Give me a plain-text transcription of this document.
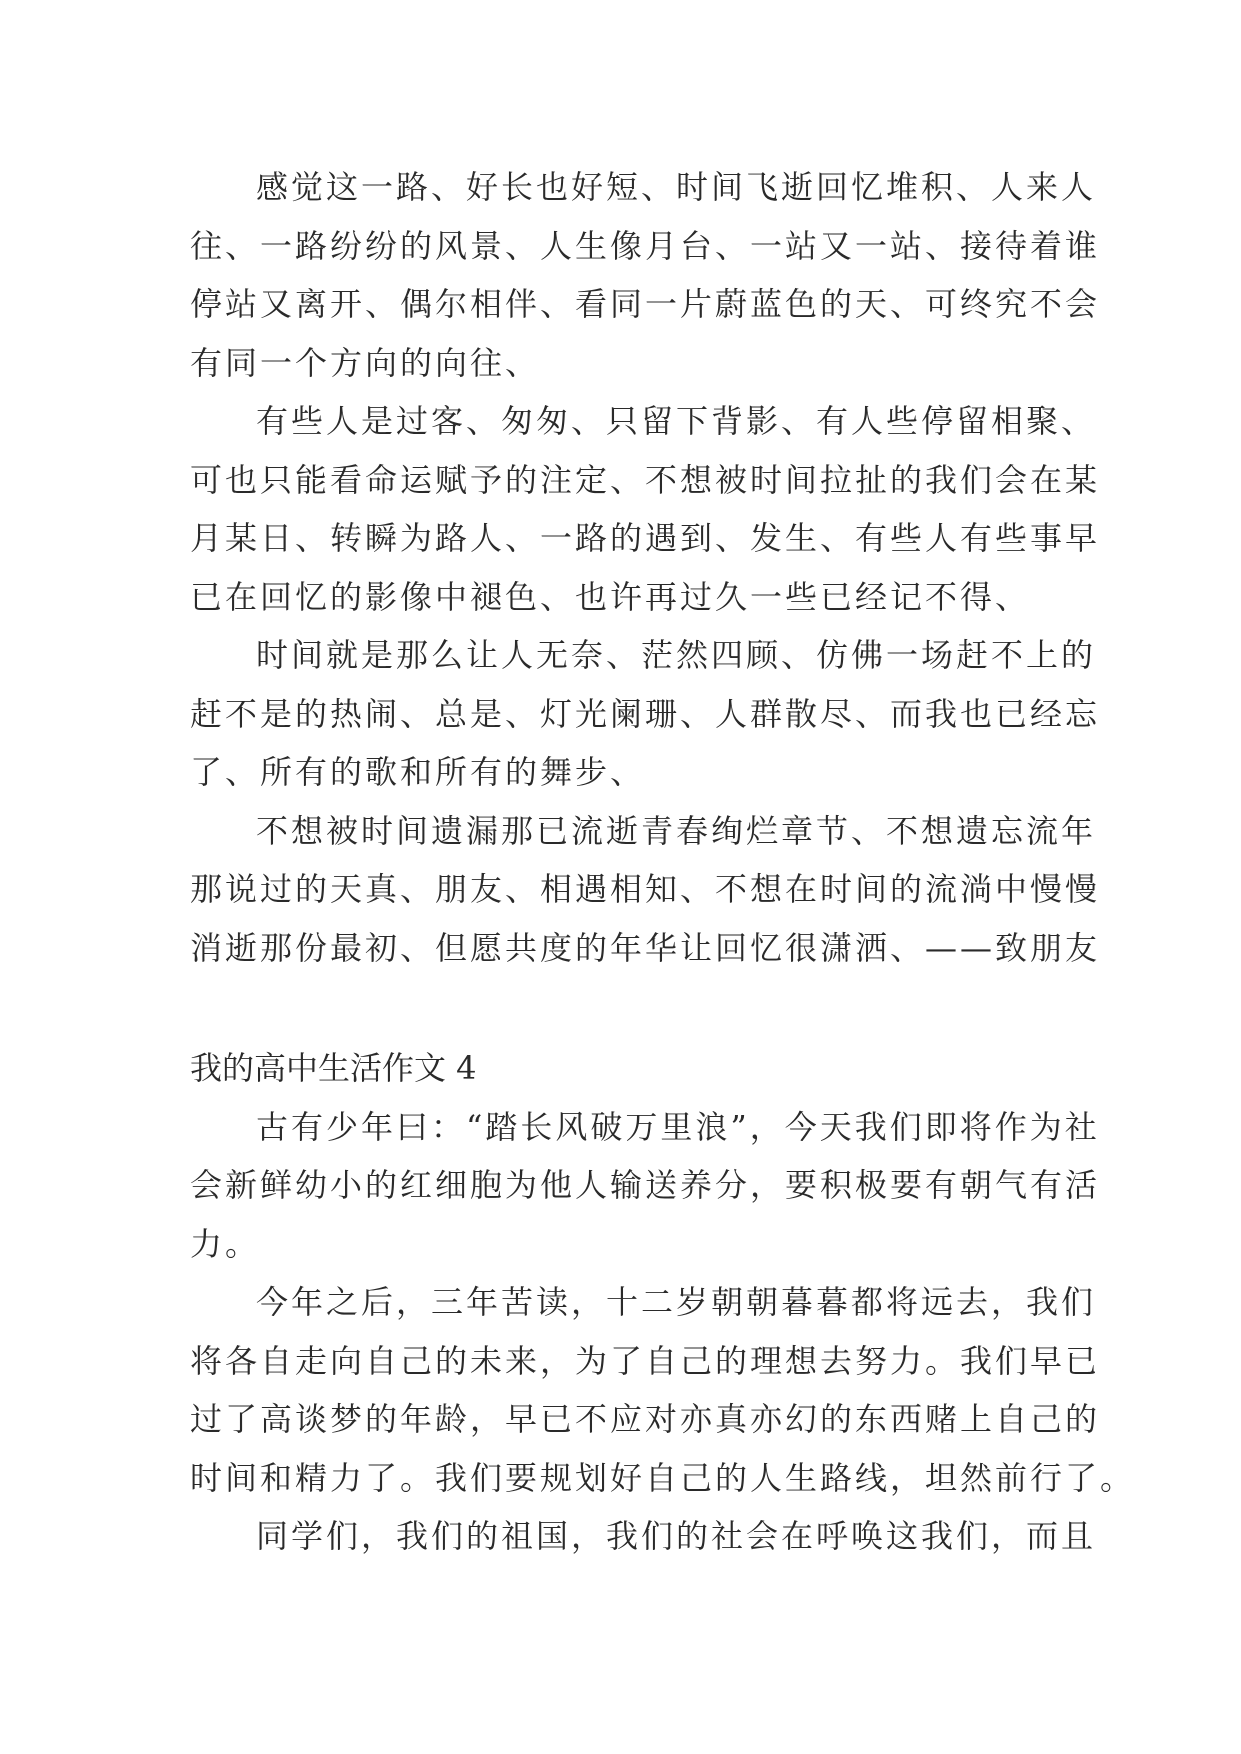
感觉这一路、好长也好短、时间飞逝回忆堆积、人来人
往、一路纷纷的风景、人生像月台、一站又一站、接待着谁
停站又离开、偶尔相伴、看同一片蔚蓝色的天、可终究不会
有同一个方向的向往、
有些人是过客、匆匆、只留下背影、有人些停留相聚、
可也只能看命运赋予的注定、不想被时间拉扯的我们会在某
月某日、转瞬为路人、一路的遇到、发生、有些人有些事早
已在回忆的影像中褪色、也许再过久一些已经记不得、
时间就是那么让人无奈、茫然四顾、仿佛一场赶不上的
赶不是的热闹、总是、灯光阑珊、人群散尽、而我也已经忘
了、所有的歌和所有的舞步、
不想被时间遗漏那已流逝青春绚烂章节、不想遗忘流年
那说过的天真、朋友、相遇相知、不想在时间的流淌中慢慢
消逝那份最初、但愿共度的年华让回忆很潇洒、——致朋友
我的高中生活作文 4
古有少年曰：“踏长风破万里浪”，今天我们即将作为社
会新鲜幼小的红细胞为他人输送养分，要积极要有朝气有活
力。
今年之后，三年苦读，十二岁朝朝暮暮都将远去，我们
将各自走向自己的未来，为了自己的理想去努力。我们早已
过了高谈梦的年龄，早已不应对亦真亦幻的东西赌上自己的
时间和精力了。我们要规划好自己的人生路线，坦然前行了。
同学们，我们的祖国，我们的社会在呼唤这我们，而且
